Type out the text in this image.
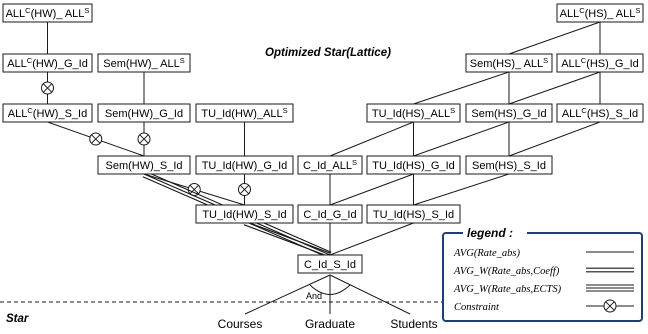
$ALL^C(HW)\_$ $ALL^S$
$ALL^C(HW)\_G\_Id$ Sem(HW)_ $ALL^S$
$ALL^C(HW)\_S\_Id$ Sem(HW)_G_Id $TU\_Id(HW)\_ALL^S$
Sem(HW)_S_Id TU_Id(HW)_G_Id
TU_Id(HW)_S_Id
$C\_Id\_ALL^S$
C_Id_G_Id
C_Id_S_Id
$ALL^C(HS)\_$ $ALL^S$
Sem(HS)_ $ALL^S$ $ALL^C(HS)\_G\_Id$
$TU\_Id(HS)\_ALL^S$ Sem(HS)_G_Id $ALL^C(HS)\_S\_Id$
TU_Id(HS)_G_Id Sem(HS)_S_Id
TU_Id(HS)_S_Id
Optimized Star(Lattice)
Star	Courses	Graduate	Students
And
legend :
AVG(Rate_abs)
AVG_W(Rate_abs,Coeff)
AVG_W(Rate_abs,ECTS)
Constraint
